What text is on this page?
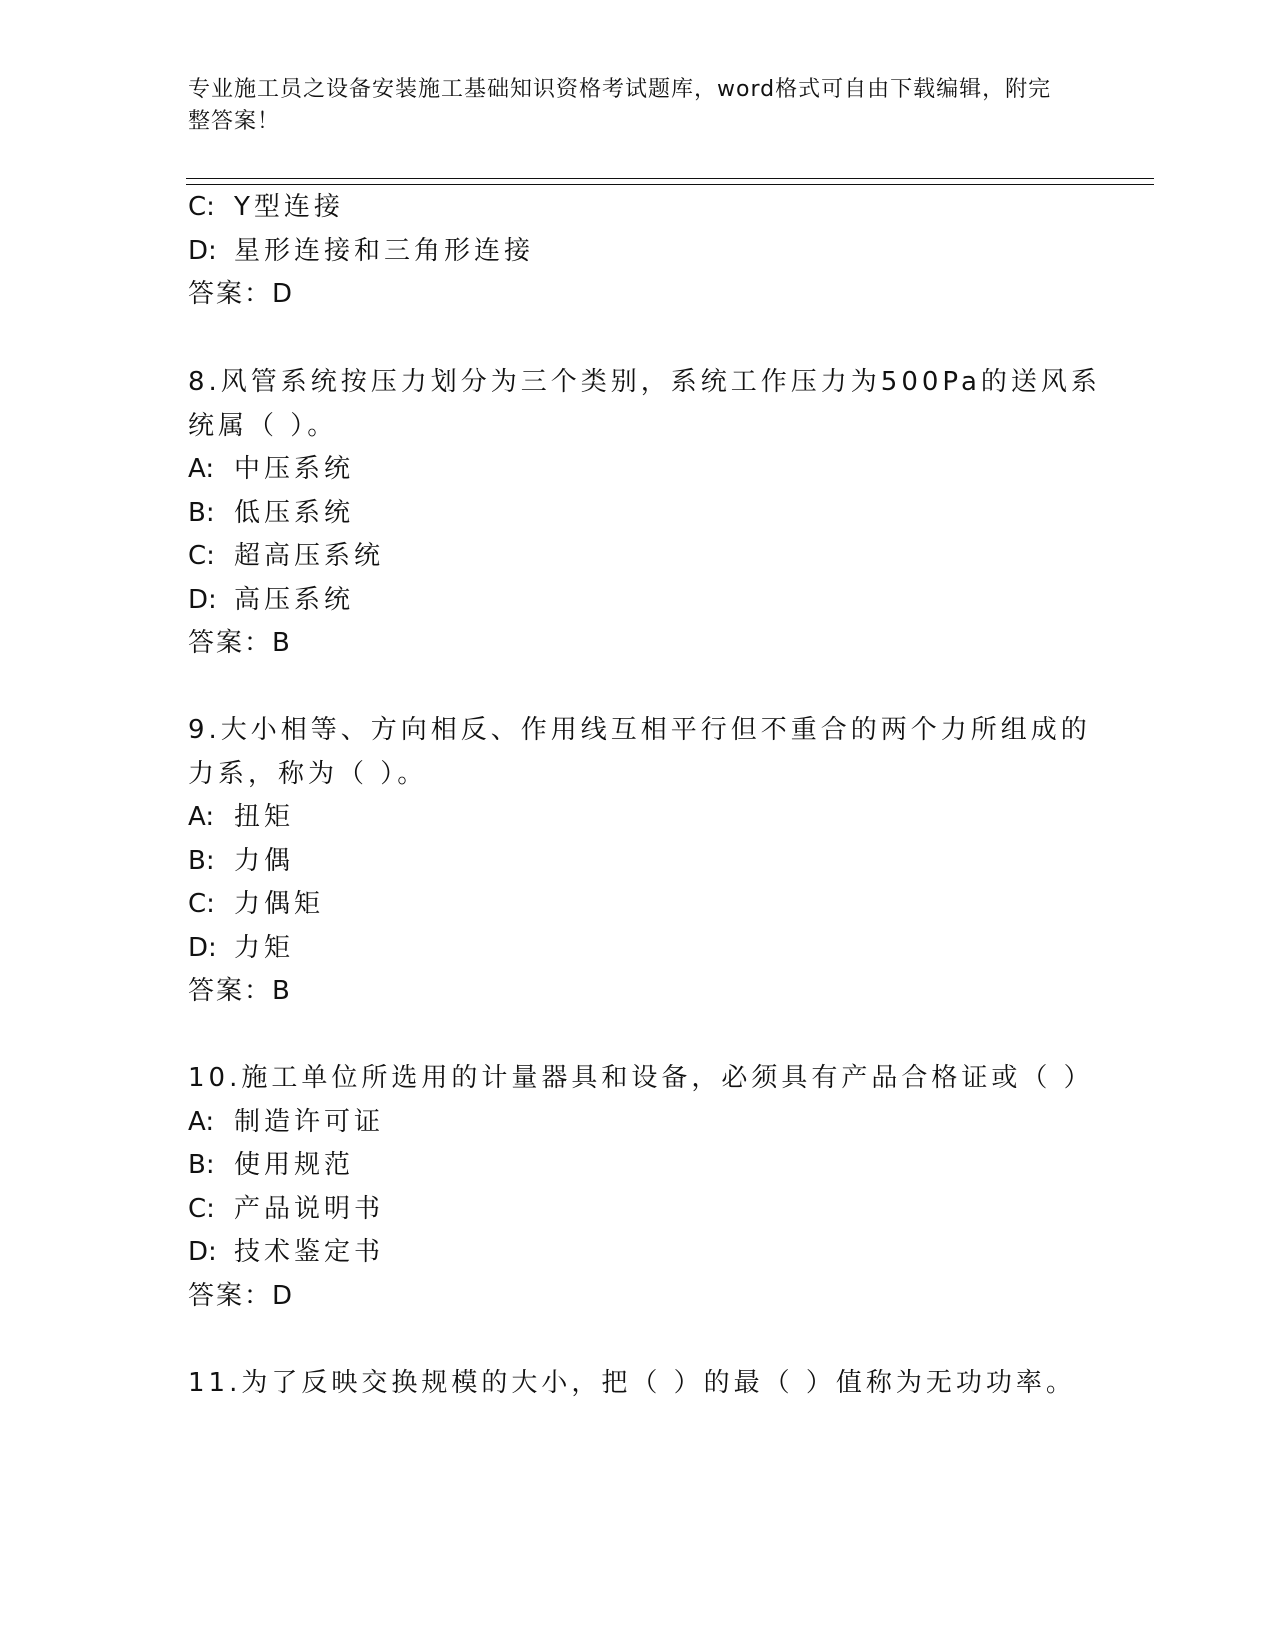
专业施工员之设备安装施工基础知识资格考试题库，word格式可自由下载编辑，附完整答案！
C: Y型连接
D: 星形连接和三角形连接
答案：D
8.风管系统按压力划分为三个类别，系统工作压力为500Pa的送风系
统属（ ）。
A: 中压系统
B: 低压系统
C: 超高压系统
D: 高压系统
答案：B
9.大小相等、方向相反、作用线互相平行但不重合的两个力所组成的
力系，称为（ ）。
A: 扭矩
B: 力偶
C: 力偶矩
D: 力矩
答案：B
10.施工单位所选用的计量器具和设备，必须具有产品合格证或（ ）
A: 制造许可证
B: 使用规范
C: 产品说明书
D: 技术鉴定书
答案：D
11.为了反映交换规模的大小，把（ ）的最（ ）值称为无功功率。
